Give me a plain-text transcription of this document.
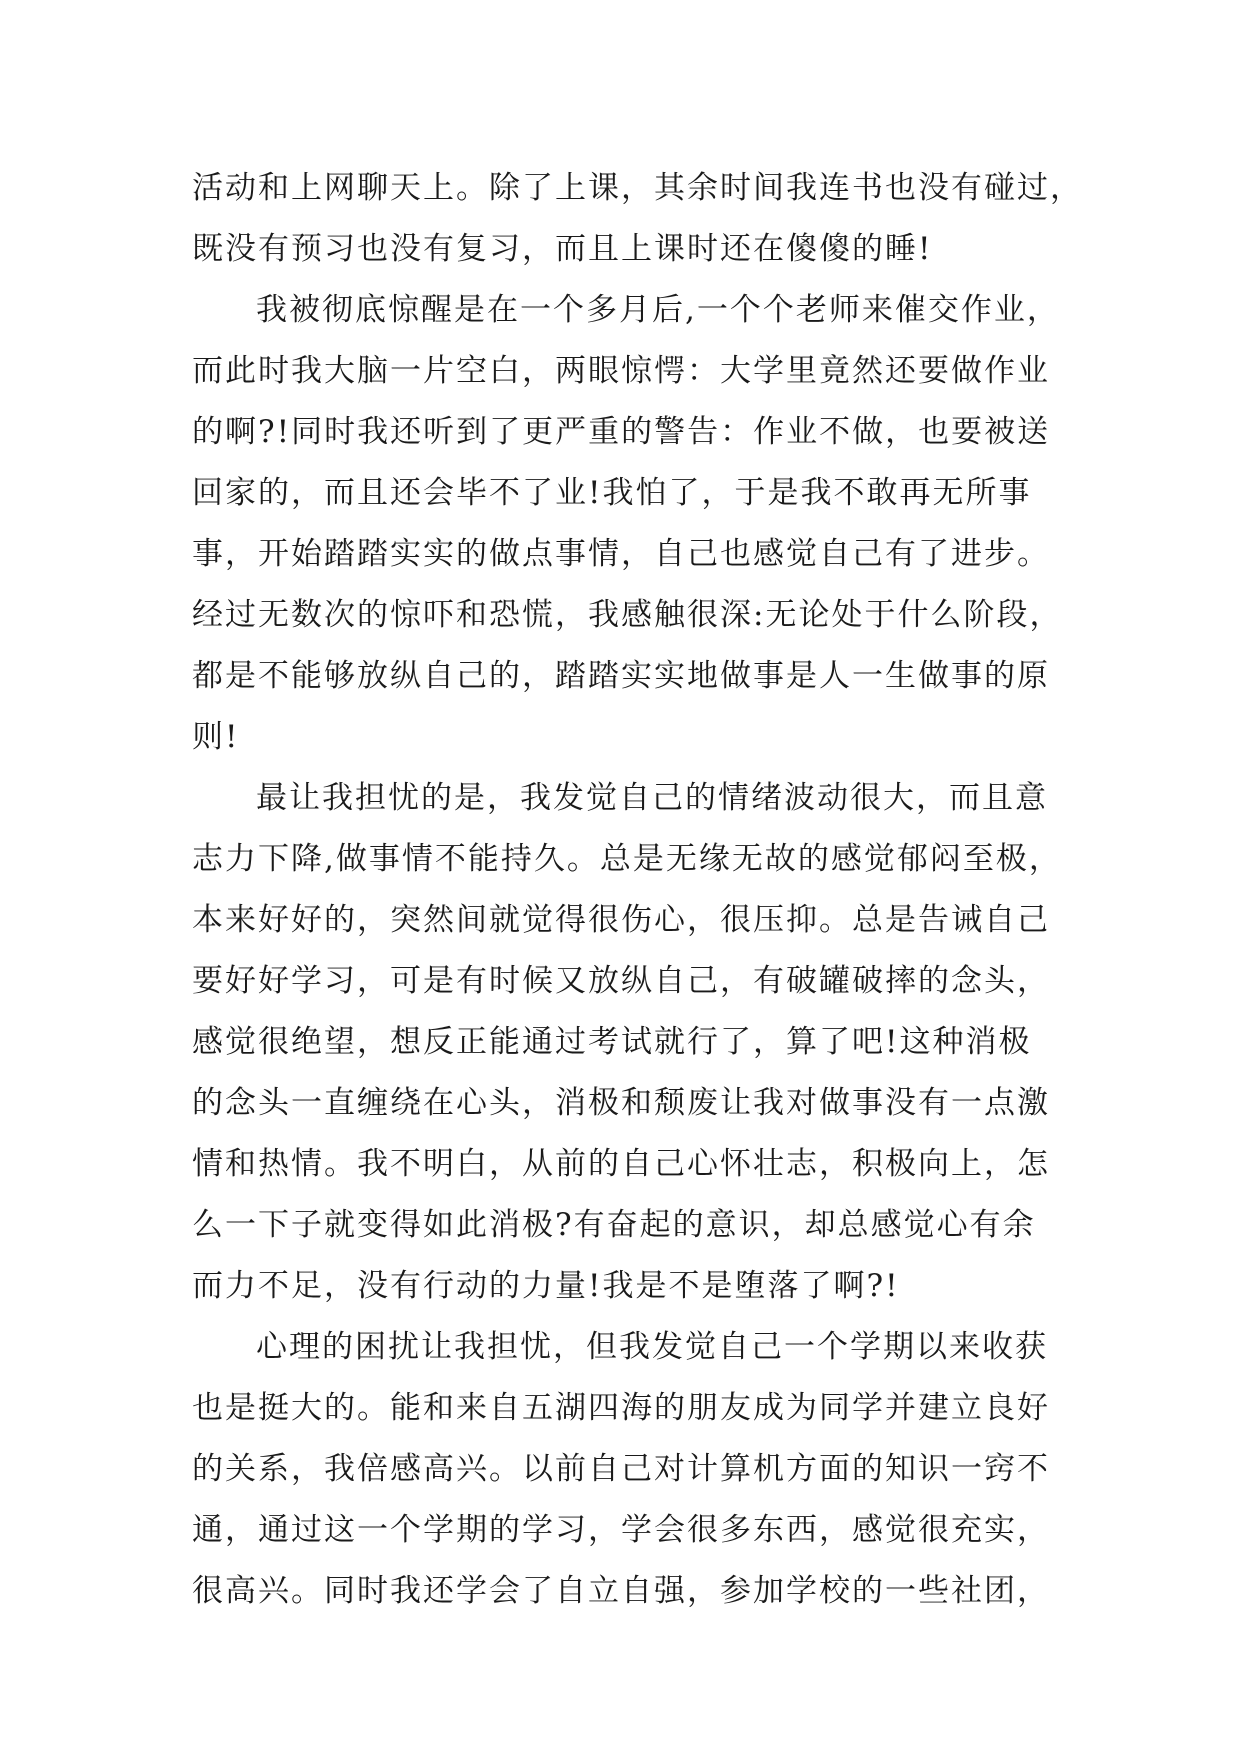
活动和上网聊天上。除了上课，其余时间我连书也没有碰过，
既没有预习也没有复习，而且上课时还在傻傻的睡!
我被彻底惊醒是在一个多月后,一个个老师来催交作业，
而此时我大脑一片空白，两眼惊愕：大学里竟然还要做作业
的啊?!同时我还听到了更严重的警告：作业不做，也要被送
回家的，而且还会毕不了业!我怕了，于是我不敢再无所事
事，开始踏踏实实的做点事情，自己也感觉自己有了进步。
经过无数次的惊吓和恐慌，我感触很深:无论处于什么阶段，
都是不能够放纵自己的，踏踏实实地做事是人一生做事的原
则!
最让我担忧的是，我发觉自己的情绪波动很大，而且意
志力下降,做事情不能持久。总是无缘无故的感觉郁闷至极，
本来好好的，突然间就觉得很伤心，很压抑。总是告诫自己
要好好学习，可是有时候又放纵自己，有破罐破摔的念头，
感觉很绝望，想反正能通过考试就行了，算了吧!这种消极
的念头一直缠绕在心头，消极和颓废让我对做事没有一点激
情和热情。我不明白，从前的自己心怀壮志，积极向上，怎
么一下子就变得如此消极?有奋起的意识，却总感觉心有余
而力不足，没有行动的力量!我是不是堕落了啊?!
心理的困扰让我担忧，但我发觉自己一个学期以来收获
也是挺大的。能和来自五湖四海的朋友成为同学并建立良好
的关系，我倍感高兴。以前自己对计算机方面的知识一窍不
通，通过这一个学期的学习，学会很多东西，感觉很充实，
很高兴。同时我还学会了自立自强，参加学校的一些社团，
